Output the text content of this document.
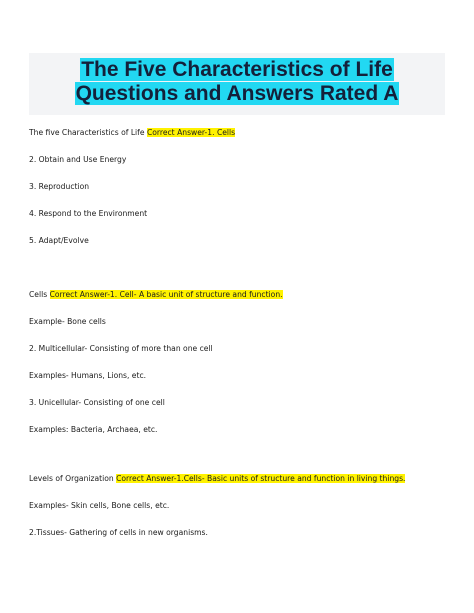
The Five Characteristics of Life
Questions and Answers Rated A
The five Characteristics of Life Correct Answer-1. Cells
2. Obtain and Use Energy
3. Reproduction
4. Respond to the Environment
5. Adapt/Evolve
Cells Correct Answer-1. Cell- A basic unit of structure and function.
Example- Bone cells
2. Multicellular- Consisting of more than one cell
Examples- Humans, Lions, etc.
3. Unicellular- Consisting of one cell
Examples: Bacteria, Archaea, etc.
Levels of Organization Correct Answer-1.Cells- Basic units of structure and function in living things.
Examples- Skin cells, Bone cells, etc.
2.Tissues- Gathering of cells in new organisms.
